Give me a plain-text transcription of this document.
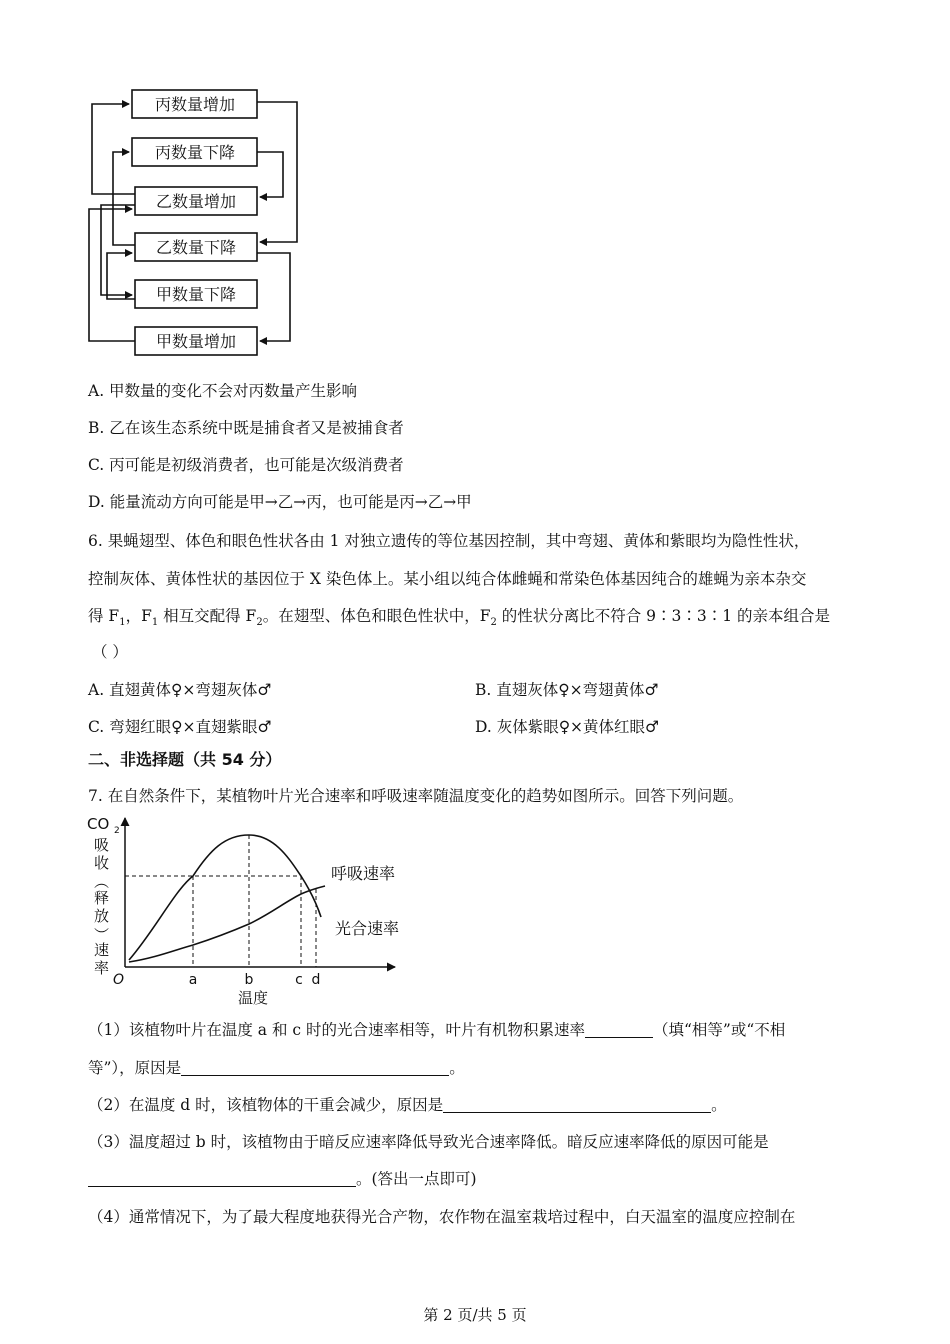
丙数量增加
丙数量下降
乙数量增加
乙数量下降
甲数量下降
甲数量增加
A. 甲数量的变化不会对丙数量产生影响
B. 乙在该生态系统中既是捕食者又是被捕食者
C. 丙可能是初级消费者，也可能是次级消费者
D. 能量流动方向可能是甲→乙→丙，也可能是丙→乙→甲
6. 果蝇翅型、体色和眼色性状各由 1 对独立遗传的等位基因控制，其中弯翅、黄体和紫眼均为隐性性状，
控制灰体、黄体性状的基因位于 X 染色体上。某小组以纯合体雌蝇和常染色体基因纯合的雄蝇为亲本杂交
得 $F_1$，$F_1$ 相互交配得 $F_2$。在翅型、体色和眼色性状中，$F_2$ 的性状分离比不符合 9∶3∶3∶1 的亲本组合是
（ ）
A. 直翅黄体♀×弯翅灰体♂	B. 直翅灰体♀×弯翅黄体♂
C. 弯翅红眼♀×直翅紫眼♂	D. 灰体紫眼♀×黄体红眼♂
二、非选择题（共 54 分）
7. 在自然条件下，某植物叶片光合速率和呼吸速率随温度变化的趋势如图所示。回答下列问题。
CO 2
吸
收
（
释
放
）
速
率
O
呼吸速率
光合速率
a	b	c d
温度
（1）该植物叶片在温度 a 和 c 时的光合速率相等，叶片有机物积累速率	（填“相等”或“不相
等”），原因是	。
（2）在温度 d 时，该植物体的干重会减少，原因是	。
（3）温度超过 b 时，该植物由于暗反应速率降低导致光合速率降低。暗反应速率降低的原因可能是
。(答出一点即可)
（4）通常情况下，为了最大程度地获得光合产物，农作物在温室栽培过程中，白天温室的温度应控制在
第 2 页/共 5 页
